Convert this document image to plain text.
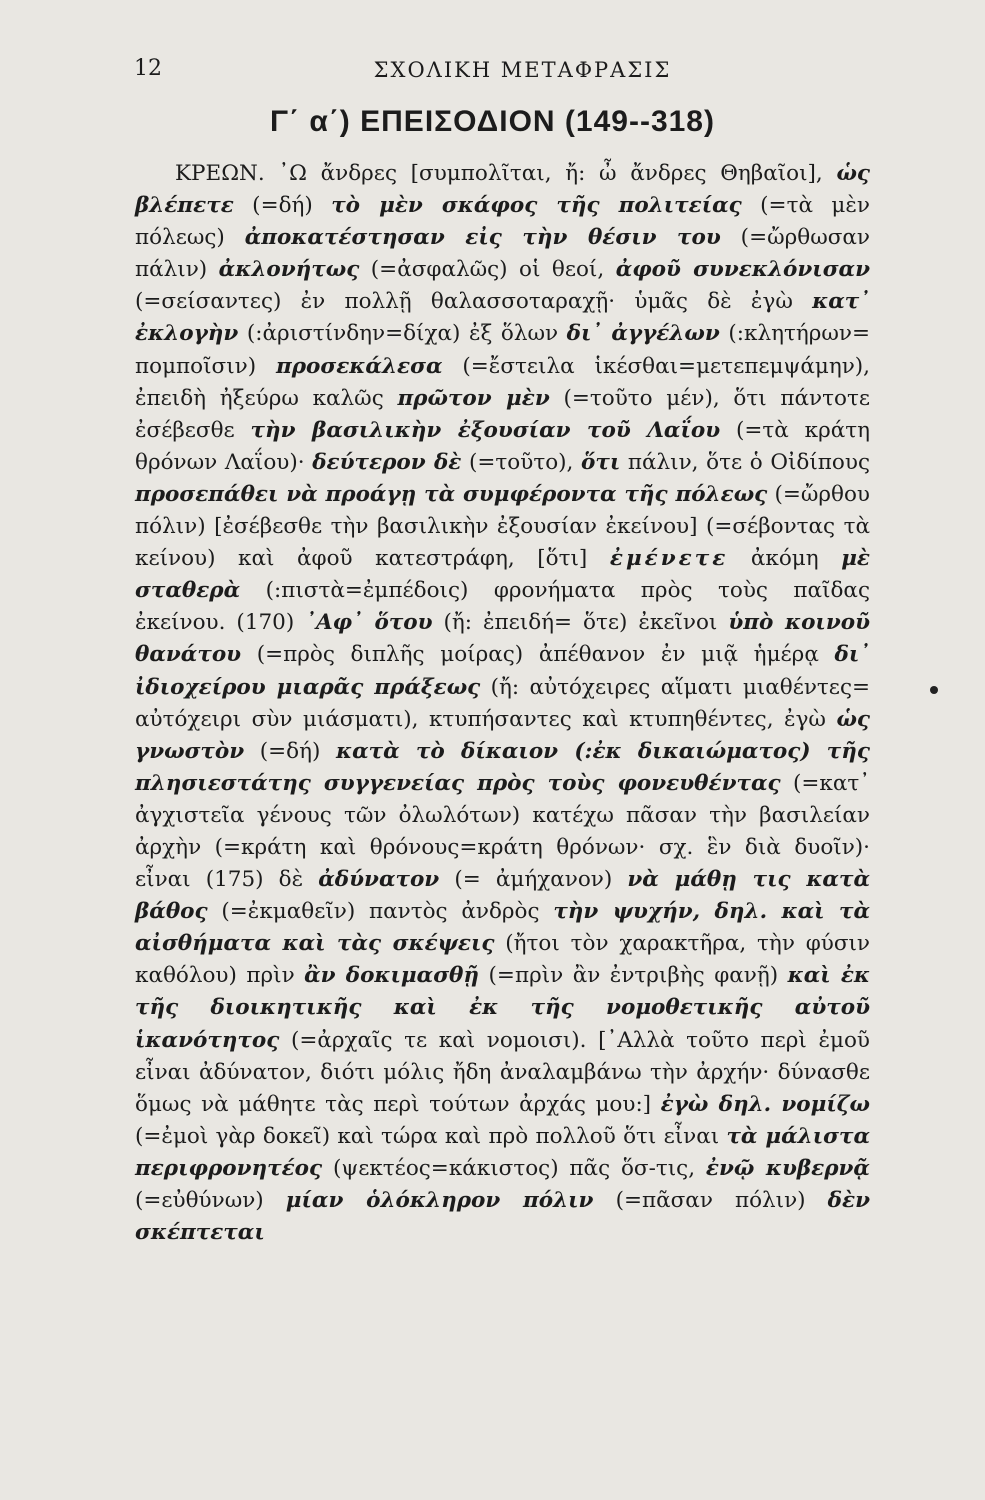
12	ΣΧΟΛΙΚΗ ΜΕΤΑΦΡΑΣΙΣ
Γ΄ α΄) ΕΠΕΙΣΟΔΙΟΝ (149--318)

ΚΡΕΩΝ. ᾿Ω ἄνδρες [συμπολῖται, ἤ: ὦ ἄνδρες Θηβαῖοι], ὡς βλέπετε (=δή) τὸ μὲν σκάφος τῆς πολιτείας (=τὰ μὲν πόλεως) ἀποκατέστησαν εἰς τὴν θέσιν του (=ὤρθωσαν πάλιν) ἀκλονήτως (=ἀσφαλῶς) οἱ θεοί, ἀφοῦ συνεκλόνισαν (=σείσαντες) ἐν πολλῇ θαλασσοταραχῇ· ὑμᾶς δὲ ἐγὼ κατ᾽ ἐκλογὴν (:ἀριστίνδην=δίχα) ἐξ ὅλων δι᾽ ἀγγέλων (:κλητήρων= πομποῖσιν) προσεκάλεσα (=ἔστειλα ἱκέσθαι=μετεπεμψάμην), ἐπειδὴ ἠξεύρω καλῶς πρῶτον μὲν (=τοῦτο μέν), ὅτι πάντοτε ἐσέβεσθε τὴν βασιλικὴν ἐξουσίαν τοῦ Λαΐου (=τὰ κράτη θρόνων Λαΐου)· δεύτερον δὲ (=τοῦτο), ὅτι πάλιν, ὅτε ὁ Οἰδίπους προσεπάθει νὰ προάγῃ τὰ συμφέροντα τῆς πόλεως (=ὤρθου πόλιν) [ἐσέβεσθε τὴν βασιλικὴν ἐξουσίαν ἐκείνου] (=σέβοντας τὰ κείνου) καὶ ἀφοῦ κατεστράφη, [ὅτι] ἐμένετε ἀκόμη μὲ σταθερὰ (:πιστὰ=ἐμπέδοις) φρονήματα πρὸς τοὺς παῖδας ἐκείνου. (170) ᾿Αφ᾽ ὅτου (ἤ: ἐπειδή= ὅτε) ἐκεῖνοι ὑπὸ κοινοῦ θανάτου (=πρὸς διπλῆς μοίρας) ἀπέθανον ἐν μιᾷ ἡμέρᾳ δι᾽ ἰδιοχείρου μιαρᾶς πράξεως (ἤ: αὐτόχειρες αἵματι μιαθέντες= αὐτόχειρι σὺν μιάσματι), κτυπήσαντες καὶ κτυπηθέντες, ἐγὼ ὡς γνωστὸν (=δή) κατὰ τὸ δίκαιον (:ἐκ δικαιώματος) τῆς πλησιεστάτης συγγενείας πρὸς τοὺς φονευθέντας (=κατ᾽ ἀγχιστεῖα γένους τῶν ὀλωλότων) κατέχω πᾶσαν τὴν βασιλείαν ἀρχὴν (=κράτη καὶ θρόνους=κράτη θρόνων· σχ. ἓν διὰ δυοῖν)· εἶναι (175) δὲ ἀδύνατον (= ἀμήχανον) νὰ μάθῃ τις κατὰ βάθος (=ἐκμαθεῖν) παντὸς ἀνδρὸς τὴν ψυχήν, δηλ. καὶ τὰ αἰσθήματα καὶ τὰς σκέψεις (ἤτοι τὸν χαρακτῆρα, τὴν φύσιν καθόλου) πρὶν ἂν δοκιμασθῇ (=πρὶν ἂν ἐντριβὴς φανῇ) καὶ ἐκ τῆς διοικητικῆς καὶ ἐκ τῆς νομοθετικῆς αὐτοῦ ἱκανότητος (=ἀρχαῖς τε καὶ νομοισι). [᾿Αλλὰ τοῦτο περὶ ἐμοῦ εἶναι ἀδύνατον, διότι μόλις ἤδη ἀναλαμβάνω τὴν ἀρχήν· δύνασθε ὅμως νὰ μάθητε τὰς περὶ τούτων ἀρχάς μου:] ἐγὼ δηλ. νομίζω (=ἐμοὶ γὰρ δοκεῖ) καὶ τώρα καὶ πρὸ πολλοῦ ὅτι εἶναι τὰ μάλιστα περιφρονητέος (ψεκτέος=κάκιστος) πᾶς ὅσ-τις, ἐνῷ κυβερνᾷ (=εὐθύνων) μίαν ὁλόκληρον πόλιν (=πᾶσαν πόλιν) δὲν σκέπτεται
